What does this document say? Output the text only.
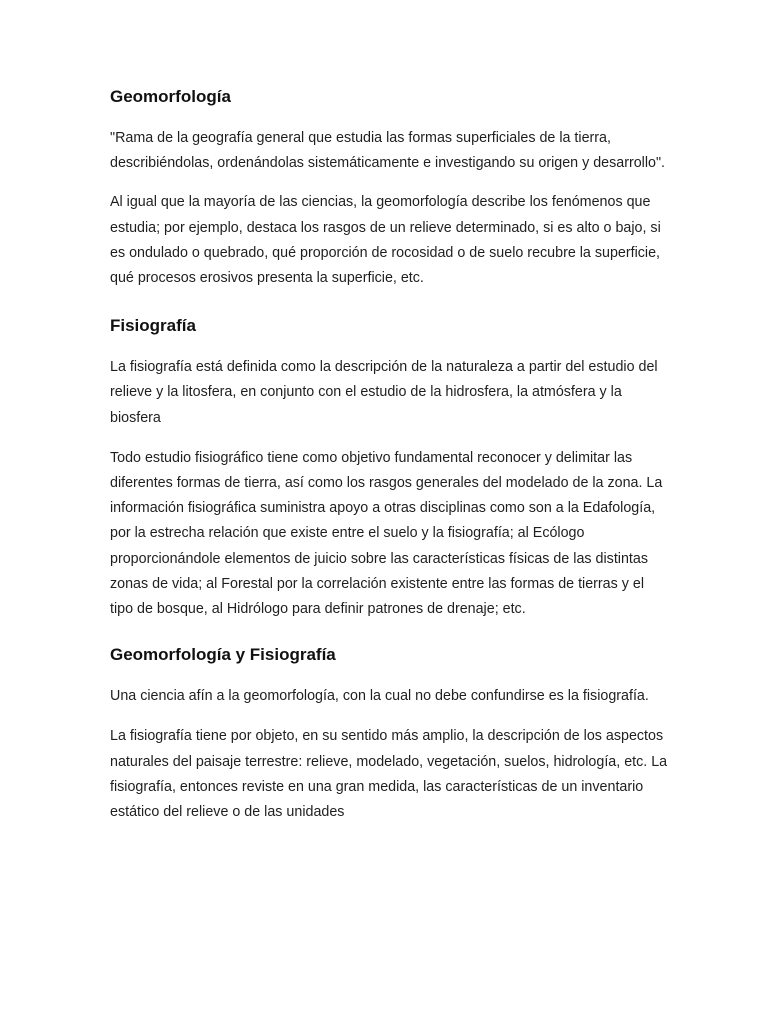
Geomorfología

"Rama de la geografía general que estudia las formas superficiales de la tierra, describiéndolas, ordenándolas sistemáticamente e investigando su origen y desarrollo".

Al igual que la mayoría de las ciencias, la geomorfología describe los fenómenos que estudia; por ejemplo, destaca los rasgos de un relieve determinado, si es alto o bajo, si es ondulado o quebrado, qué proporción de rocosidad o de suelo recubre la superficie, qué procesos erosivos presenta la superficie, etc.

Fisiografía

La fisiografía está definida como la descripción de la naturaleza a partir del estudio del relieve y la litosfera, en conjunto con el estudio de la hidrosfera, la atmósfera y la biosfera

Todo estudio fisiográfico tiene como objetivo fundamental reconocer y delimitar las diferentes formas de tierra, así como los rasgos generales del modelado de la zona. La información fisiográfica suministra apoyo a otras disciplinas como son a la Edafología, por la estrecha relación que existe entre el suelo y la fisiografía; al Ecólogo proporcionándole elementos de juicio sobre las características físicas de las distintas zonas de vida; al Forestal por la correlación existente entre las formas de tierras y el tipo de bosque, al Hidrólogo para definir patrones de drenaje; etc.

Geomorfología y Fisiografía

Una ciencia afín a la geomorfología, con la cual no debe confundirse es la fisiografía.

La fisiografía tiene por objeto, en su sentido más amplio, la descripción de los aspectos naturales del paisaje terrestre: relieve, modelado, vegetación, suelos, hidrología, etc. La fisiografía, entonces reviste en una gran medida, las características de un inventario estático del relieve o de las unidades
